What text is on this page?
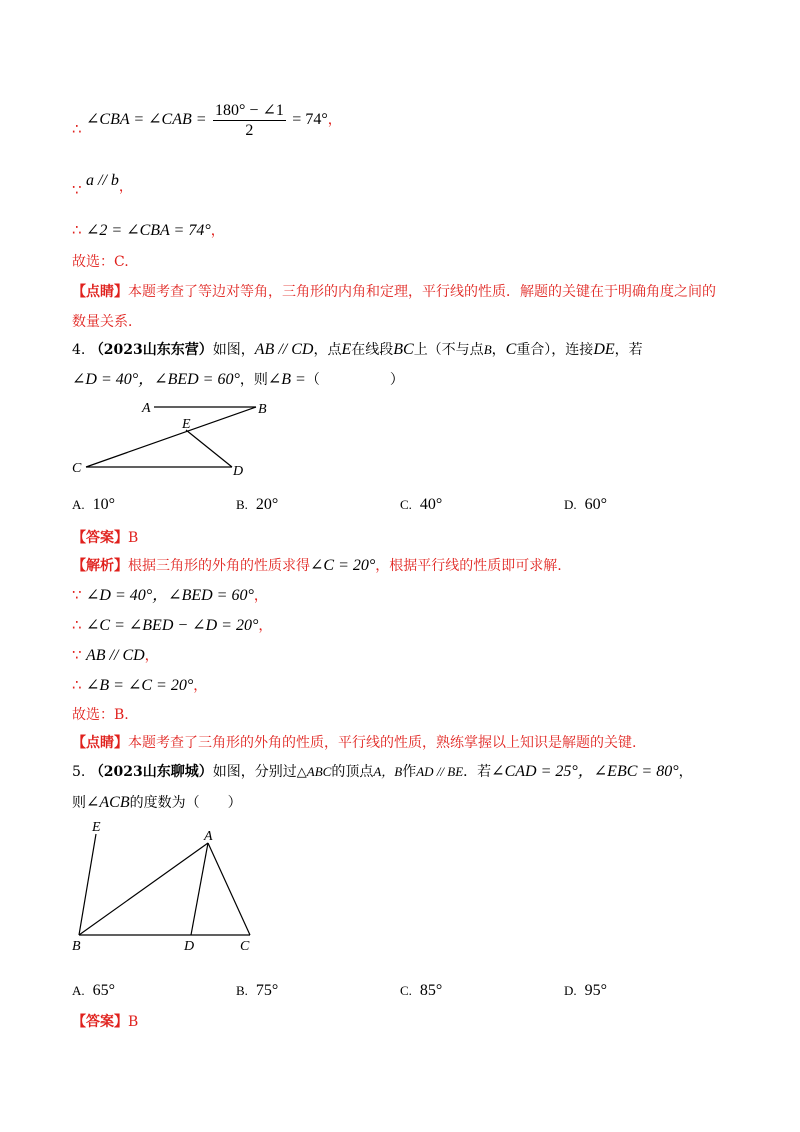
∴ ∠CBA = ∠CAB = $\frac{180^\circ - \angle 1}{2} = 74^\circ$，
∵ a // b，
∴ ∠2 = ∠CBA = 74°，
故选：C.
【点睛】本题考查了等边对等角，三角形的内角和定理，平行线的性质．解题的关键在于明确角度之间的
数量关系．
4. （2023山东东营）如图，AB // CD，点E在线段BC上（不与点B，C重合），连接DE，若
∠D = 40°，∠BED = 60°，则∠B =（　　　　　）
A	B
E
C	D
E
A
B	D	C
A. 10°	B. 20°	C. 40°	D. 60°
【答案】B
【解析】根据三角形的外角的性质求得∠C = 20°，根据平行线的性质即可求解.
∵ ∠D = 40°，∠BED = 60°，
∴ ∠C = ∠BED − ∠D = 20°，
∵ AB // CD，
∴ ∠B = ∠C = 20°，
故选：B.
【点睛】本题考查了三角形的外角的性质，平行线的性质，熟练掌握以上知识是解题的关键.
5. （2023山东聊城）如图，分别过△ABC的顶点A，B作AD // BE．若∠CAD = 25°，∠EBC = 80°，
则∠ACB的度数为（　　）
A. 65°	B. 75°	C. 85°	D. 95°
【答案】B
